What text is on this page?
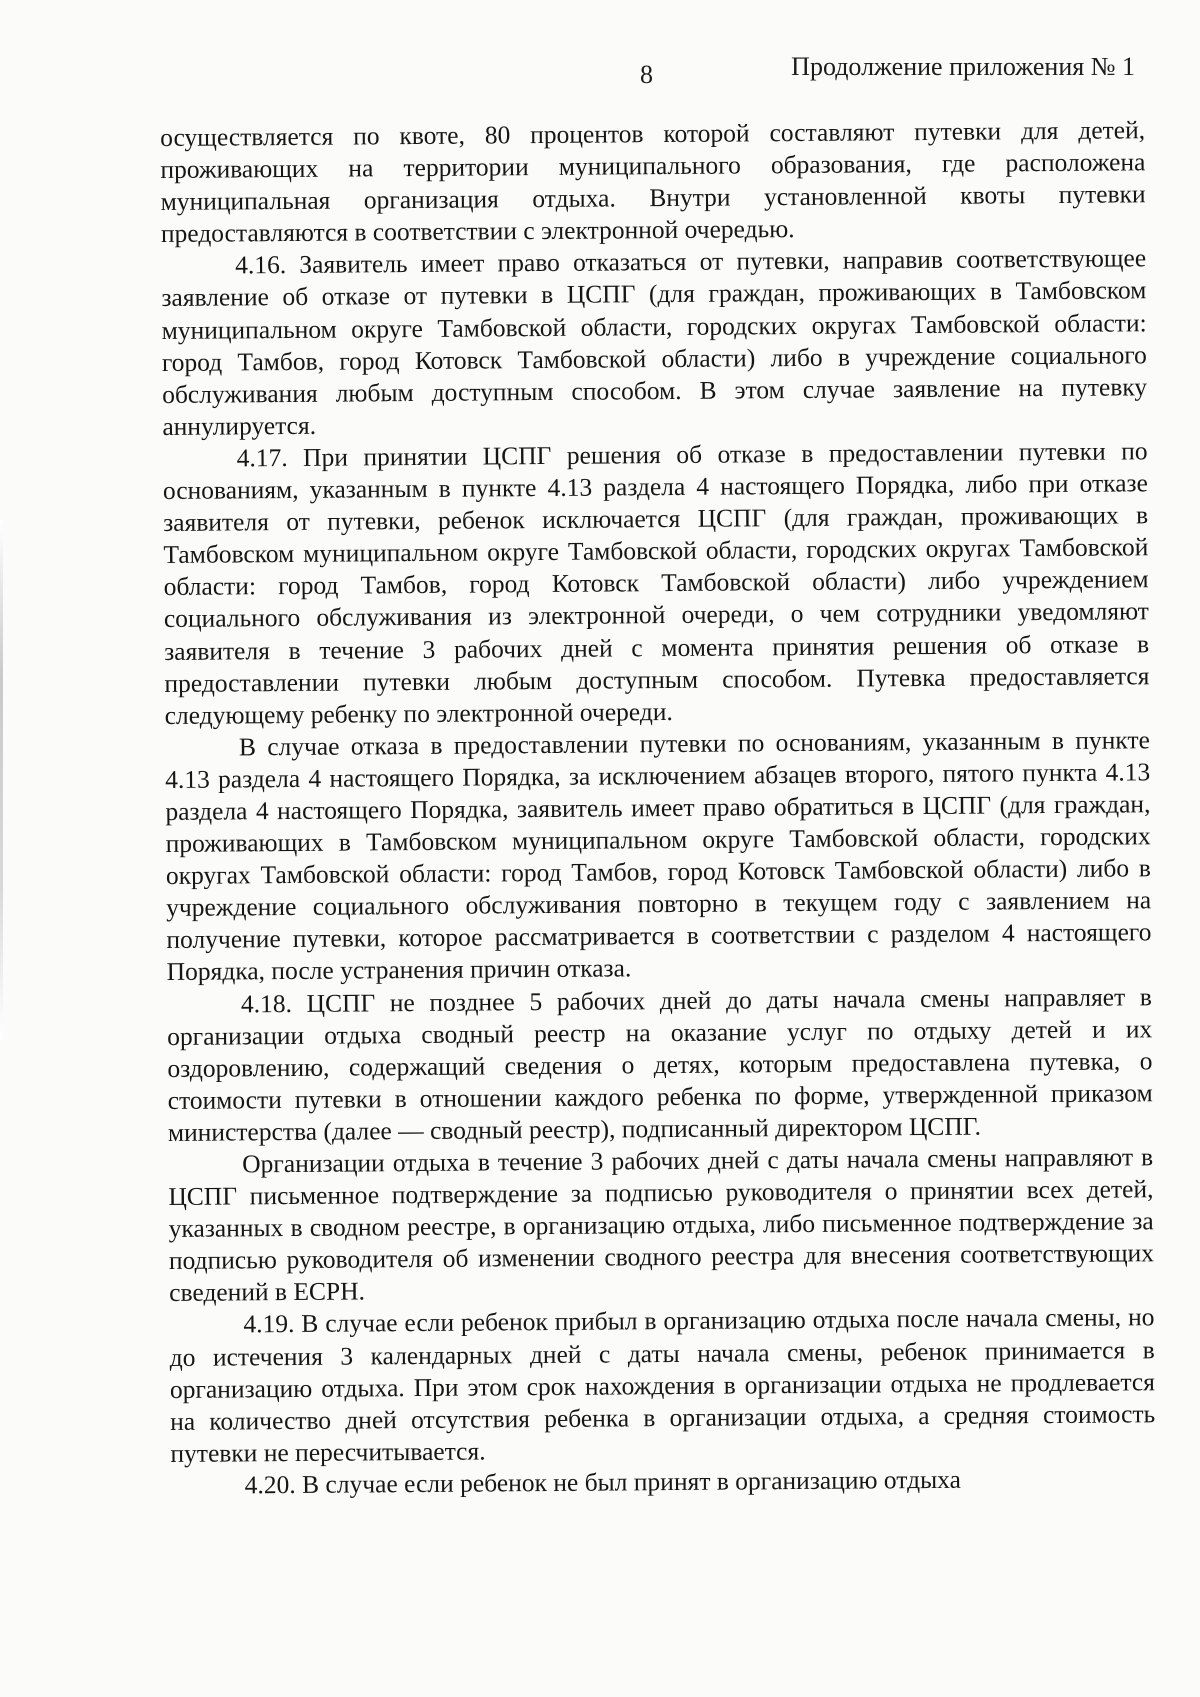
8	Продолжение приложения № 1

осуществляется по квоте, 80 процентов которой составляют путевки для детей, проживающих на территории муниципального образования, где расположена муниципальная организация отдыха. Внутри установленной квоты путевки предоставляются в соответствии с электронной очередью.

4.16. Заявитель имеет право отказаться от путевки, направив соответствующее заявление об отказе от путевки в ЦСПГ (для граждан, проживающих в Тамбовском муниципальном округе Тамбовской области, городских округах Тамбовской области: город Тамбов, город Котовск Тамбовской области) либо в учреждение социального обслуживания любым доступным способом. В этом случае заявление на путевку аннулируется.

4.17. При принятии ЦСПГ решения об отказе в предоставлении путевки по основаниям, указанным в пункте 4.13 раздела 4 настоящего Порядка, либо при отказе заявителя от путевки, ребенок исключается ЦСПГ (для граждан, проживающих в Тамбовском муниципальном округе Тамбовской области, городских округах Тамбовской области: город Тамбов, город Котовск Тамбовской области) либо учреждением социального обслуживания из электронной очереди, о чем сотрудники уведомляют заявителя в течение 3 рабочих дней с момента принятия решения об отказе в предоставлении путевки любым доступным способом. Путевка предоставляется следующему ребенку по электронной очереди.

В случае отказа в предоставлении путевки по основаниям, указанным в пункте 4.13 раздела 4 настоящего Порядка, за исключением абзацев второго, пятого пункта 4.13 раздела 4 настоящего Порядка, заявитель имеет право обратиться в ЦСПГ (для граждан, проживающих в Тамбовском муниципальном округе Тамбовской области, городских округах Тамбовской области: город Тамбов, город Котовск Тамбовской области) либо в учреждение социального обслуживания повторно в текущем году с заявлением на получение путевки, которое рассматривается в соответствии с разделом 4 настоящего Порядка, после устранения причин отказа.

4.18. ЦСПГ не позднее 5 рабочих дней до даты начала смены направляет в организации отдыха сводный реестр на оказание услуг по отдыху детей и их оздоровлению, содержащий сведения о детях, которым предоставлена путевка, о стоимости путевки в отношении каждого ребенка по форме, утвержденной приказом министерства (далее — сводный реестр), подписанный директором ЦСПГ.

Организации отдыха в течение 3 рабочих дней с даты начала смены направляют в ЦСПГ письменное подтверждение за подписью руководителя о принятии всех детей, указанных в сводном реестре, в организацию отдыха, либо письменное подтверждение за подписью руководителя об изменении сводного реестра для внесения соответствующих сведений в ЕСРН.

4.19. В случае если ребенок прибыл в организацию отдыха после начала смены, но до истечения 3 календарных дней с даты начала смены, ребенок принимается в организацию отдыха. При этом срок нахождения в организации отдыха не продлевается на количество дней отсутствия ребенка в организации отдыха, а средняя стоимость путевки не пересчитывается.

4.20. В случае если ребенок не был принят в организацию отдыха
